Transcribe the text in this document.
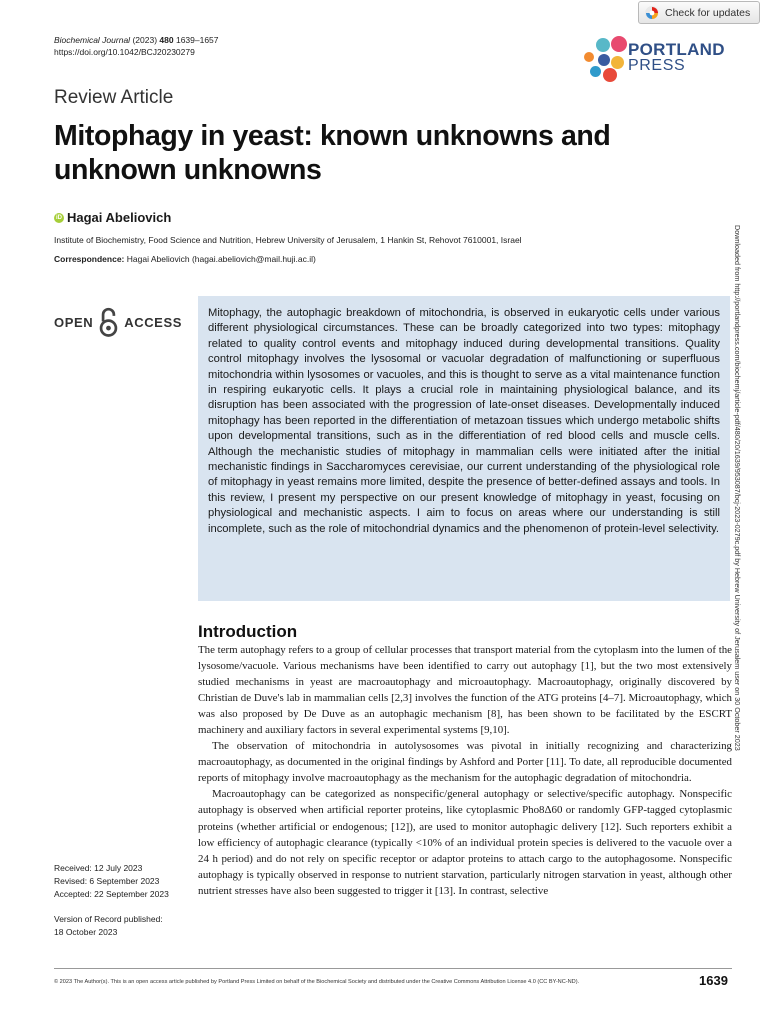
Biochemical Journal (2023) 480 1639–1657
https://doi.org/10.1042/BCJ20230279
Check for updates
PORTLAND
PRESS
Review Article
Mitophagy in yeast: known unknowns and unknown unknowns
iD Hagai Abeliovich
Institute of Biochemistry, Food Science and Nutrition, Hebrew University of Jerusalem, 1 Hankin St, Rehovot 7610001, Israel
Correspondence: Hagai Abeliovich (hagai.abeliovich@mail.huji.ac.il)	Downloaded from http://portlandpress.com/biochemj/article-pdf/480/20/1639/953087/bcj-2023-0279c.pdf by Hebrew University of Jerusalem user on 30 October 2023
OPEN ACCESS
Mitophagy, the autophagic breakdown of mitochondria, is observed in eukaryotic cells under various different physiological circumstances. These can be broadly categorized into two types: mitophagy related to quality control events and mitophagy induced during developmental transitions. Quality control mitophagy involves the lysosomal or vacuolar degradation of malfunctioning or superfluous mitochondria within lysosomes or vacuoles, and this is thought to serve as a vital maintenance function in respiring eukaryotic cells. It plays a crucial role in maintaining physiological balance, and its disruption has been associated with the progression of late-onset diseases. Developmentally induced mitophagy has been reported in the differentiation of metazoan tissues which undergo metabolic shifts upon developmental transitions, such as in the differentiation of red blood cells and muscle cells. Although the mechanistic studies of mitophagy in mammalian cells were initiated after the initial mechanistic findings in Saccharomyces cerevisiae, our current understanding of the physiological role of mitophagy in yeast remains more limited, despite the presence of better-defined assays and tools. In this review, I present my perspective on our present knowledge of mitophagy in yeast, focusing on physiological and mechanistic aspects. I aim to focus on areas where our understanding is still incomplete, such as the role of mitochondrial dynamics and the phenomenon of protein-level selectivity.
Introduction

The term autophagy refers to a group of cellular processes that transport material from the cytoplasm into the lumen of the lysosome/vacuole. Various mechanisms have been identified to carry out autophagy [1], but the two most extensively studied mechanisms in yeast are macroautophagy and microautophagy. Macroautophagy, originally discovered by Christian de Duve's lab in mammalian cells [2,3] involves the function of the ATG proteins [4–7]. Microautophagy, which was also proposed by De Duve as an autophagic mechanism [8], has been shown to be facilitated by the ESCRT machinery and auxiliary factors in several experimental systems [9,10].

The observation of mitochondria in autolysosomes was pivotal in initially recognizing and characterizing macroautophagy, as documented in the original findings by Ashford and Porter [11]. To date, all reproducible documented reports of mitophagy involve macroautophagy as the mechanism for the autophagic degradation of mitochondria.

Macroautophagy can be categorized as nonspecific/general autophagy or selective/specific autophagy. Nonspecific autophagy is observed when artificial reporter proteins, like cytoplasmic Pho8Δ60 or randomly GFP-tagged cytoplasmic proteins (whether artificial or endogenous; [12]), are used to monitor autophagic delivery [12]. Such reporters exhibit a low efficiency of autophagic clearance (typically <10% of an individual protein species is delivered to the vacuole over a 24 h period) and do not rely on specific receptor or adaptor proteins to attach cargo to the autophagosome. Nonspecific autophagy is typically observed in response to nutrient starvation, particularly nitrogen starvation in yeast, although other nutrient stresses have also been suggested to trigger it [13]. In contrast, selective

Received: 12 July 2023
Revised: 6 September 2023
Accepted: 22 September 2023
Version of Record published:
18 October 2023
© 2023 The Author(s). This is an open access article published by Portland Press Limited on behalf of the Biochemical Society and distributed under the Creative Commons Attribution License 4.0 (CC BY-NC-ND).	1639
